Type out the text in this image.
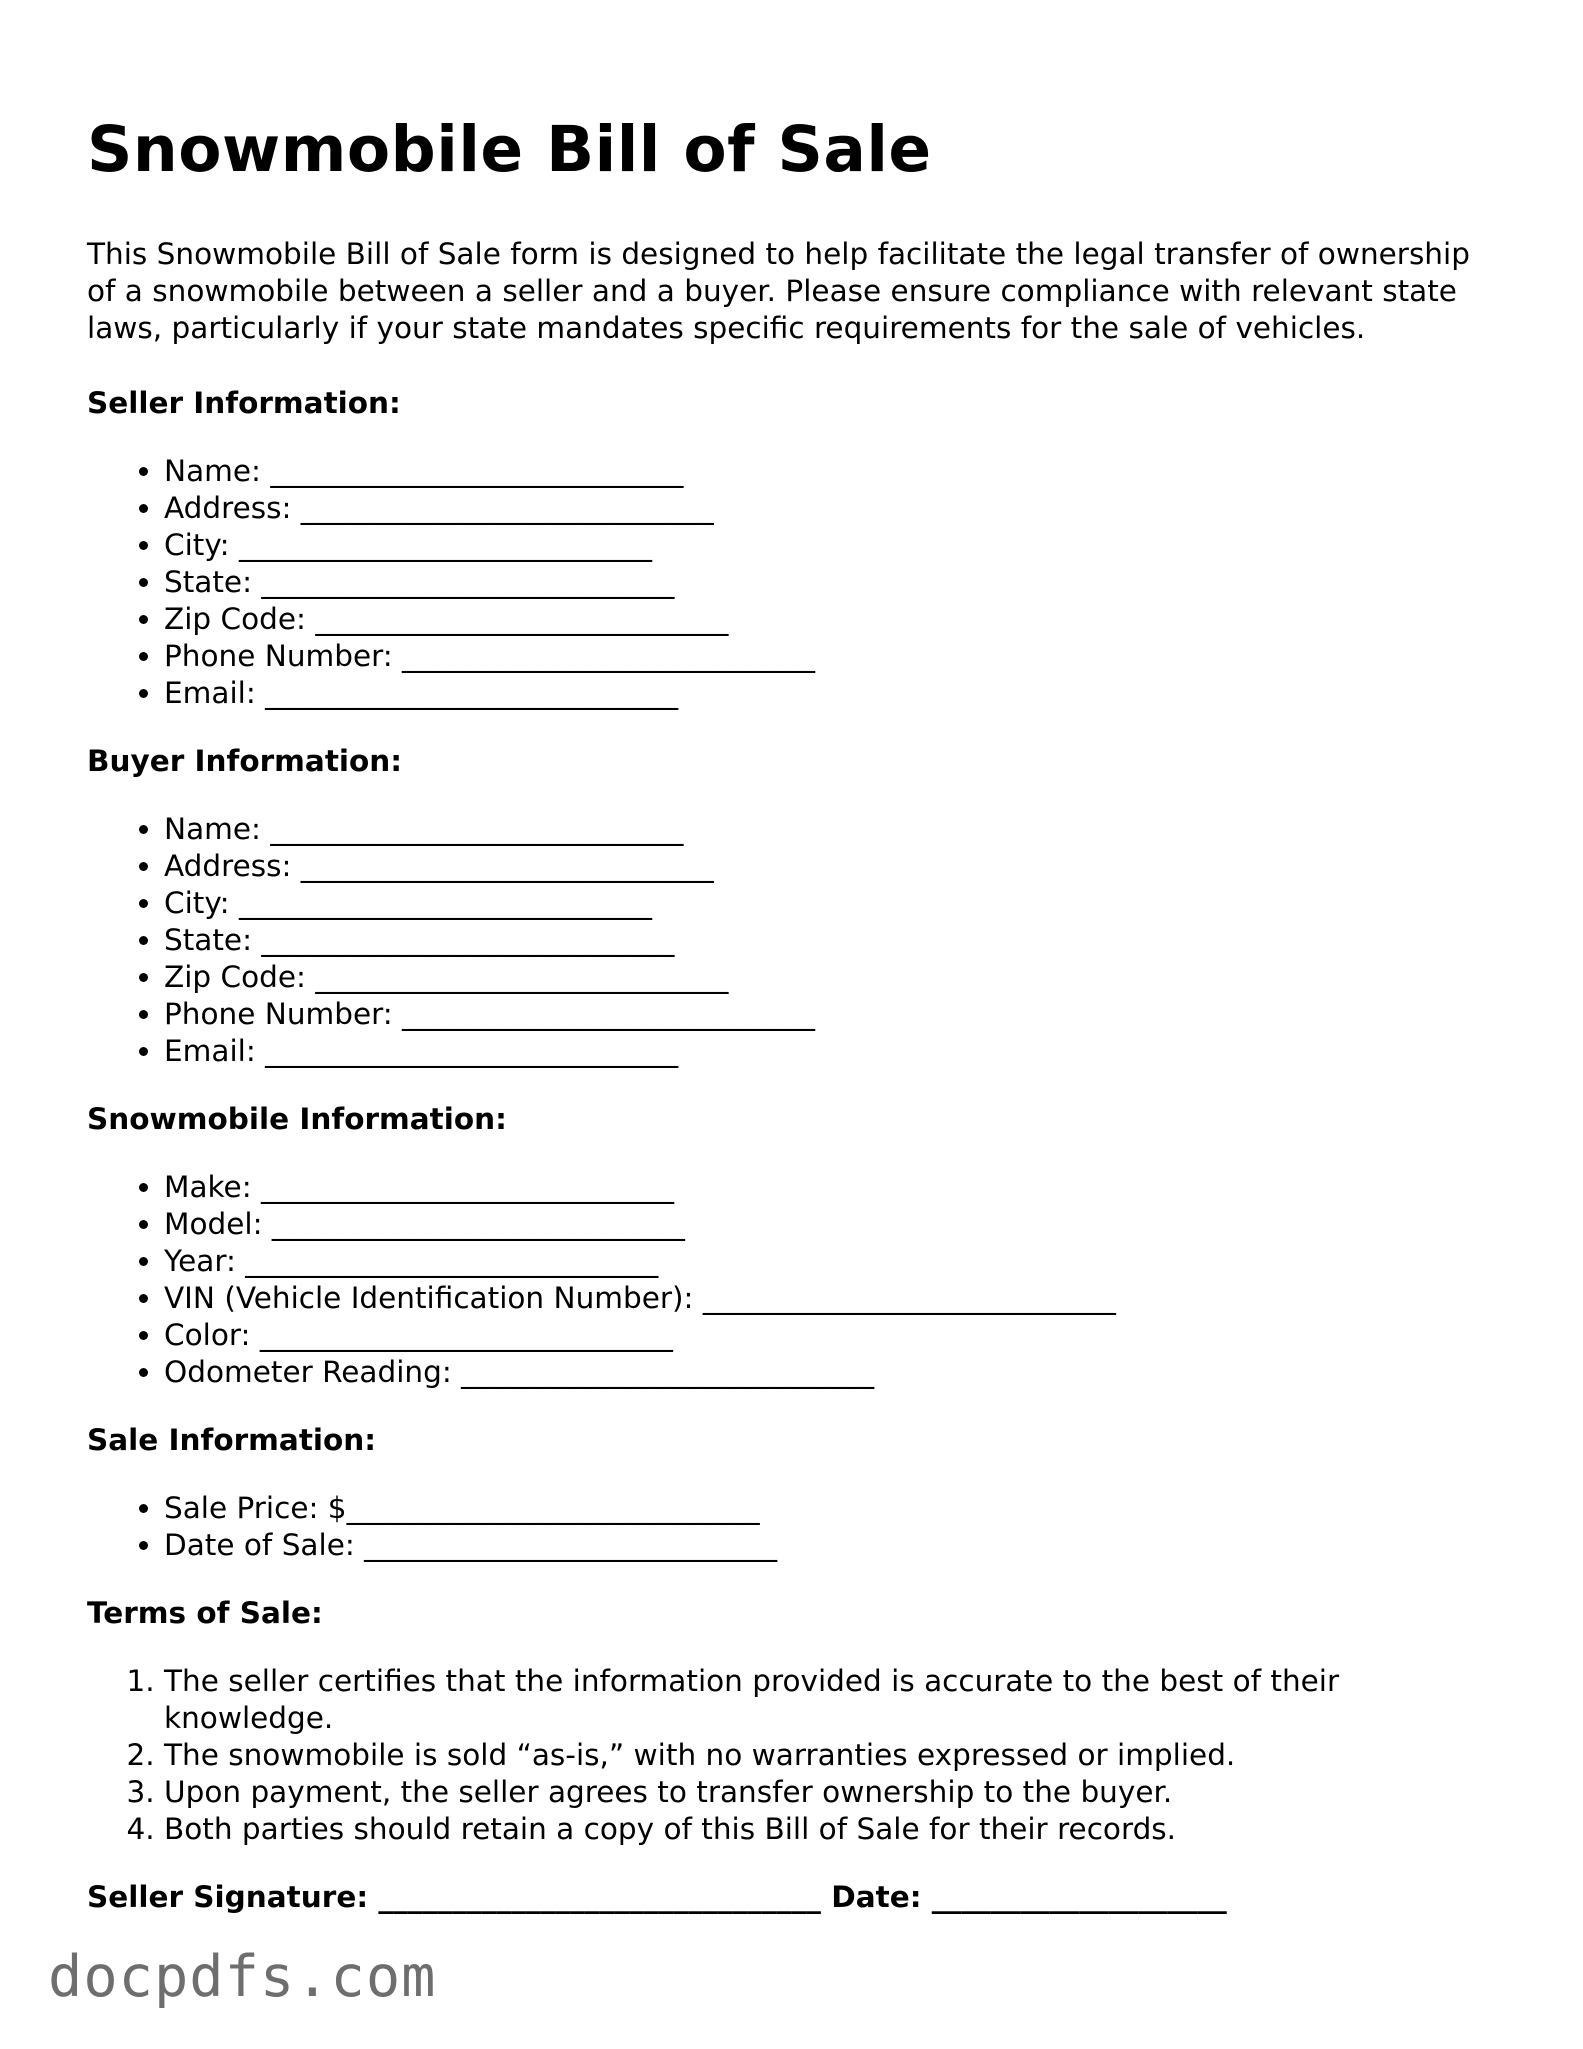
Snowmobile Bill of Sale

This Snowmobile Bill of Sale form is designed to help facilitate the legal transfer of ownership of a snowmobile between a seller and a buyer. Please ensure compliance with relevant state laws, particularly if your state mandates specific requirements for the sale of vehicles.

Seller Information:
• Name: ____________________________
• Address: ____________________________
• City: ____________________________
• State: ____________________________
• Zip Code: ____________________________
• Phone Number: ____________________________
• Email: ____________________________
Buyer Information:
• Name: ____________________________
• Address: ____________________________
• City: ____________________________
• State: ____________________________
• Zip Code: ____________________________
• Phone Number: ____________________________
• Email: ____________________________
Snowmobile Information:
• Make: ____________________________
• Model: ____________________________
• Year: ____________________________
• VIN (Vehicle Identification Number): ____________________________
• Color: ____________________________
• Odometer Reading: ____________________________
Sale Information:
• Sale Price: $____________________________
• Date of Sale: ____________________________
Terms of Sale:
1. The seller certifies that the information provided is accurate to the best of their knowledge.
2. The snowmobile is sold “as-is,” with no warranties expressed or implied.
3. Upon payment, the seller agrees to transfer ownership to the buyer.
4. Both parties should retain a copy of this Bill of Sale for their records.

Seller Signature: ______________________________ Date: ____________________

docpdfs.com
